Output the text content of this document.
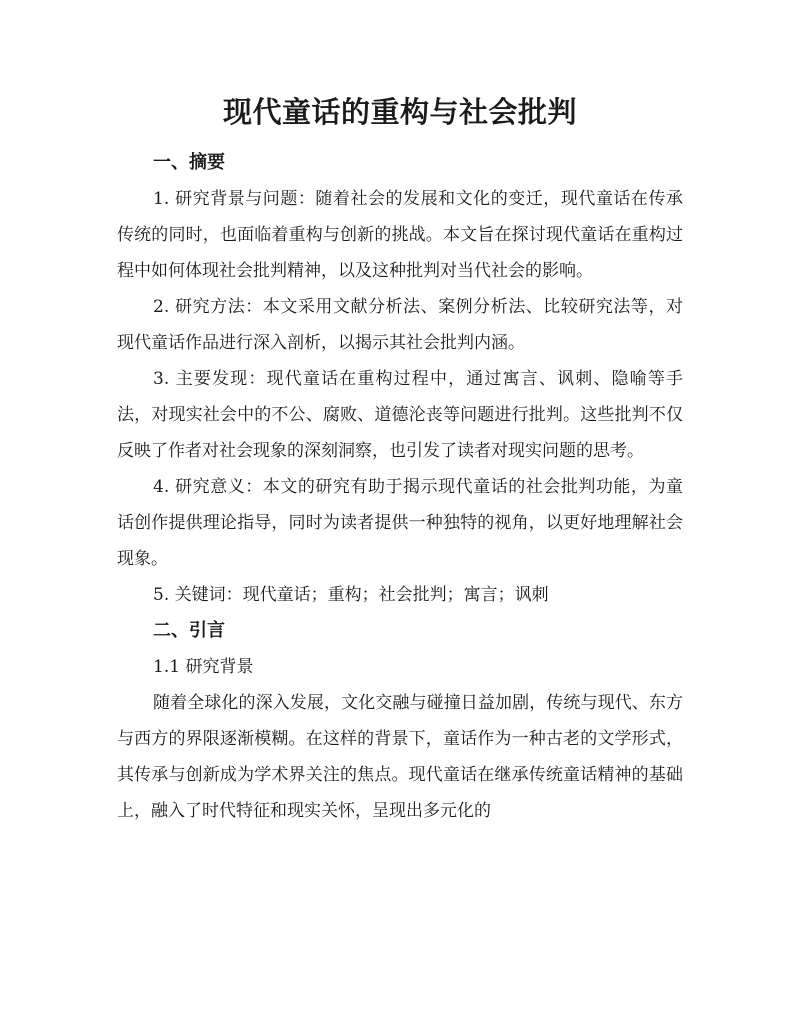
现代童话的重构与社会批判
一、摘要

1. 研究背景与问题：随着社会的发展和文化的变迁，现代童话在传承传统的同时，也面临着重构与创新的挑战。本文旨在探讨现代童话在重构过程中如何体现社会批判精神，以及这种批判对当代社会的影响。

2. 研究方法：本文采用文献分析法、案例分析法、比较研究法等，对现代童话作品进行深入剖析，以揭示其社会批判内涵。

3. 主要发现：现代童话在重构过程中，通过寓言、讽刺、隐喻等手法，对现实社会中的不公、腐败、道德沦丧等问题进行批判。这些批判不仅反映了作者对社会现象的深刻洞察，也引发了读者对现实问题的思考。

4. 研究意义：本文的研究有助于揭示现代童话的社会批判功能，为童话创作提供理论指导，同时为读者提供一种独特的视角，以更好地理解社会现象。

5. 关键词：现代童话；重构；社会批判；寓言；讽刺

二、引言

1.1 研究背景

随着全球化的深入发展，文化交融与碰撞日益加剧，传统与现代、东方与西方的界限逐渐模糊。在这样的背景下，童话作为一种古老的文学形式，其传承与创新成为学术界关注的焦点。现代童话在继承传统童话精神的基础上，融入了时代特征和现实关怀，呈现出多元化的
